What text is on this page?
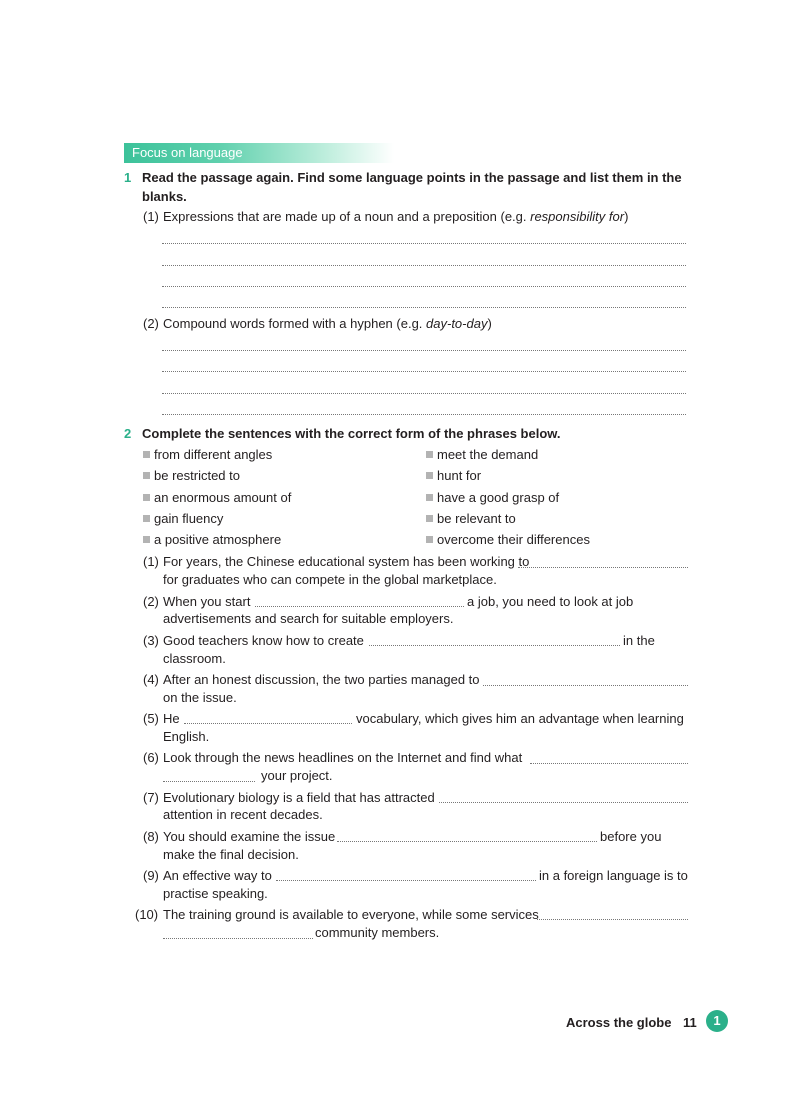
Focus on language
1 Read the passage again. Find some language points in the passage and list them in the
blanks.
(1) Expressions that are made up of a noun and a preposition (e.g. responsibility for)
(2) Compound words formed with a hyphen (e.g. day-to-day)
2 Complete the sentences with the correct form of the phrases below.
from different angles
be restricted to
an enormous amount of
gain fluency
a positive atmosphere
meet the demand
hunt for
have a good grasp of
be relevant to
overcome their differences
(1) For years, the Chinese educational system has been working to
for graduates who can compete in the global marketplace.
(2) When you start	a job, you need to look at job
advertisements and search for suitable employers.
(3) Good teachers know how to create	in the
classroom.
(4) After an honest discussion, the two parties managed to
on the issue.
(5) He	vocabulary, which gives him an advantage when learning
English.
(6) Look through the news headlines on the Internet and find what
your project.
(7) Evolutionary biology is a field that has attracted
attention in recent decades.
(8) You should examine the issue	before you
make the final decision.
(9) An effective way to	in a foreign language is to
practise speaking.
(10) The training ground is available to everyone, while some services
community members.
Across the globe 11	1
